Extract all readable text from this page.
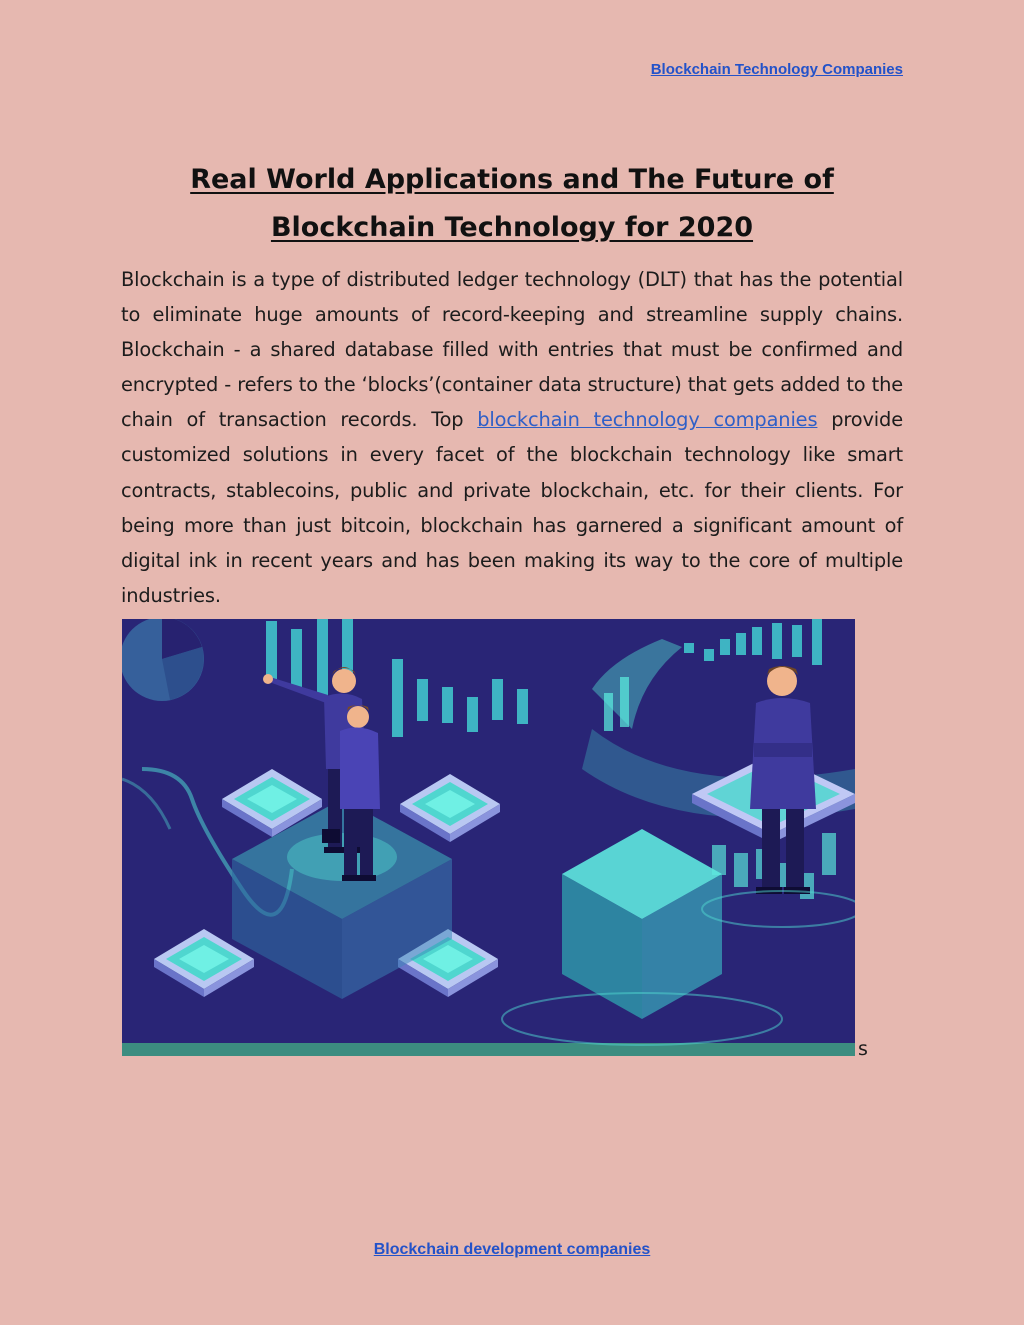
Blockchain Technology Companies
Real World Applications and The Future of
Blockchain Technology for 2020

Blockchain is a type of distributed ledger technology (DLT) that has the potential to eliminate huge amounts of record-keeping and streamline supply chains. Blockchain - a shared database filled with entries that must be confirmed and encrypted - refers to the ‘blocks’(container data structure) that gets added to the chain of transaction records. Top blockchain technology companies provide customized solutions in every facet of the blockchain technology like smart contracts, stablecoins, public and private blockchain, etc. for their clients. For being more than just bitcoin, blockchain has garnered a significant amount of digital ink in recent years and has been making its way to the core of multiple industries.

s
Blockchain development companies
